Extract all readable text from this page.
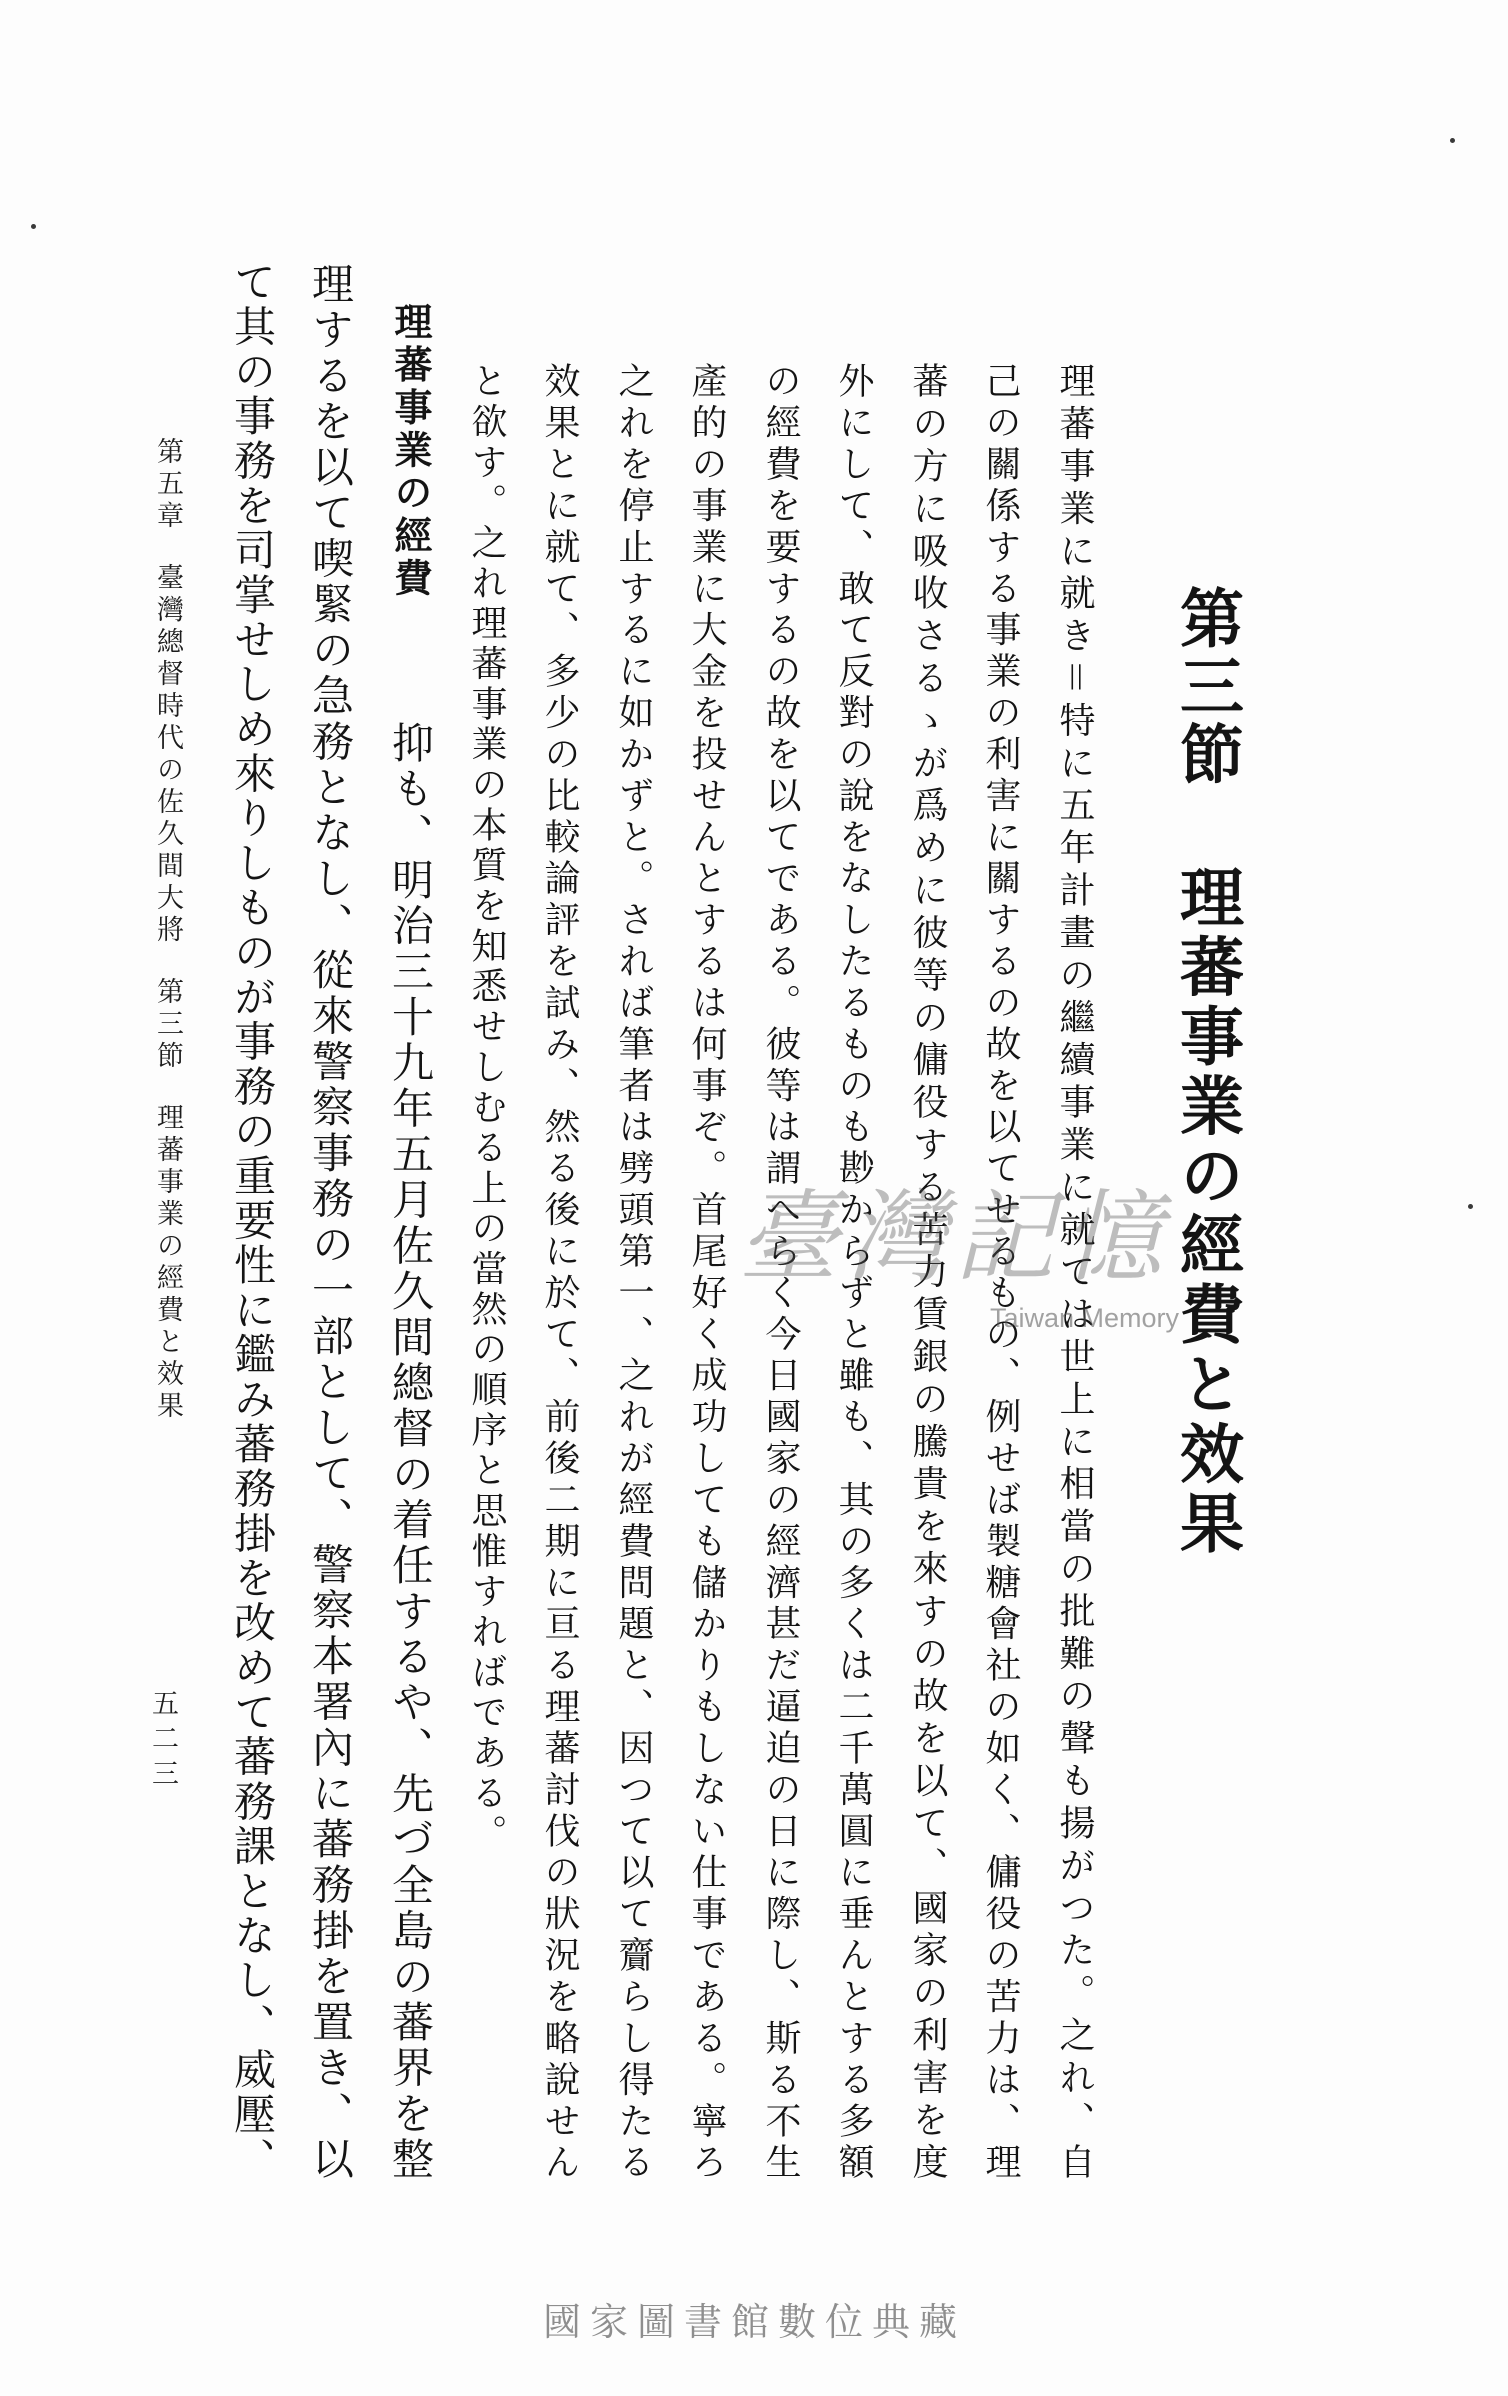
第三節
理蕃事業の經費と效果
理蕃事業に就き＝特に五年計畫の繼續事業に就ては世上に相當の批難の聲も揚がつた。之れ、自
己の關係する事業の利害に關するの故を以てせるもの、例せば製糖會社の如く、傭役の苦力は、理
蕃の方に吸收さるゝが爲めに彼等の傭役する苦力賃銀の騰貴を來すの故を以て、國家の利害を度
外にして、敢て反對の說をなしたるものも尠からずと雖も、其の多くは二千萬圓に垂んとする多額
の經費を要するの故を以てである。彼等は謂へらく今日國家の經濟甚だ逼迫の日に際し、斯る不生
產的の事業に大金を投せんとするは何事ぞ。首尾好く成功しても儲かりもしない仕事である。寧ろ
之れを停止するに如かずと。されば筆者は劈頭第一、之れが經費問題と、因つて以て齎らし得たる
效果とに就て、多少の比較論評を試み、然る後に於て、前後二期に亘る理蕃討伐の狀況を略說せん
と欲す。之れ理蕃事業の本質を知悉せしむる上の當然の順序と思惟すればである。
理蕃事業の經費
抑も、明治三十九年五月佐久間總督の着任するや、先づ全島の蕃界を整
理するを以て喫緊の急務となし、從來警察事務の一部として、警察本署內に蕃務掛を置き、以
て其の事務を司掌せしめ來りしものが事務の重要性に鑑み蕃務掛を改めて蕃務課となし、威壓、
第五章臺灣總督時代の佐久間大將第三節理蕃事業の經費と效果
五二三
臺灣記憶
Taiwan Memory
國家圖書館數位典藏
